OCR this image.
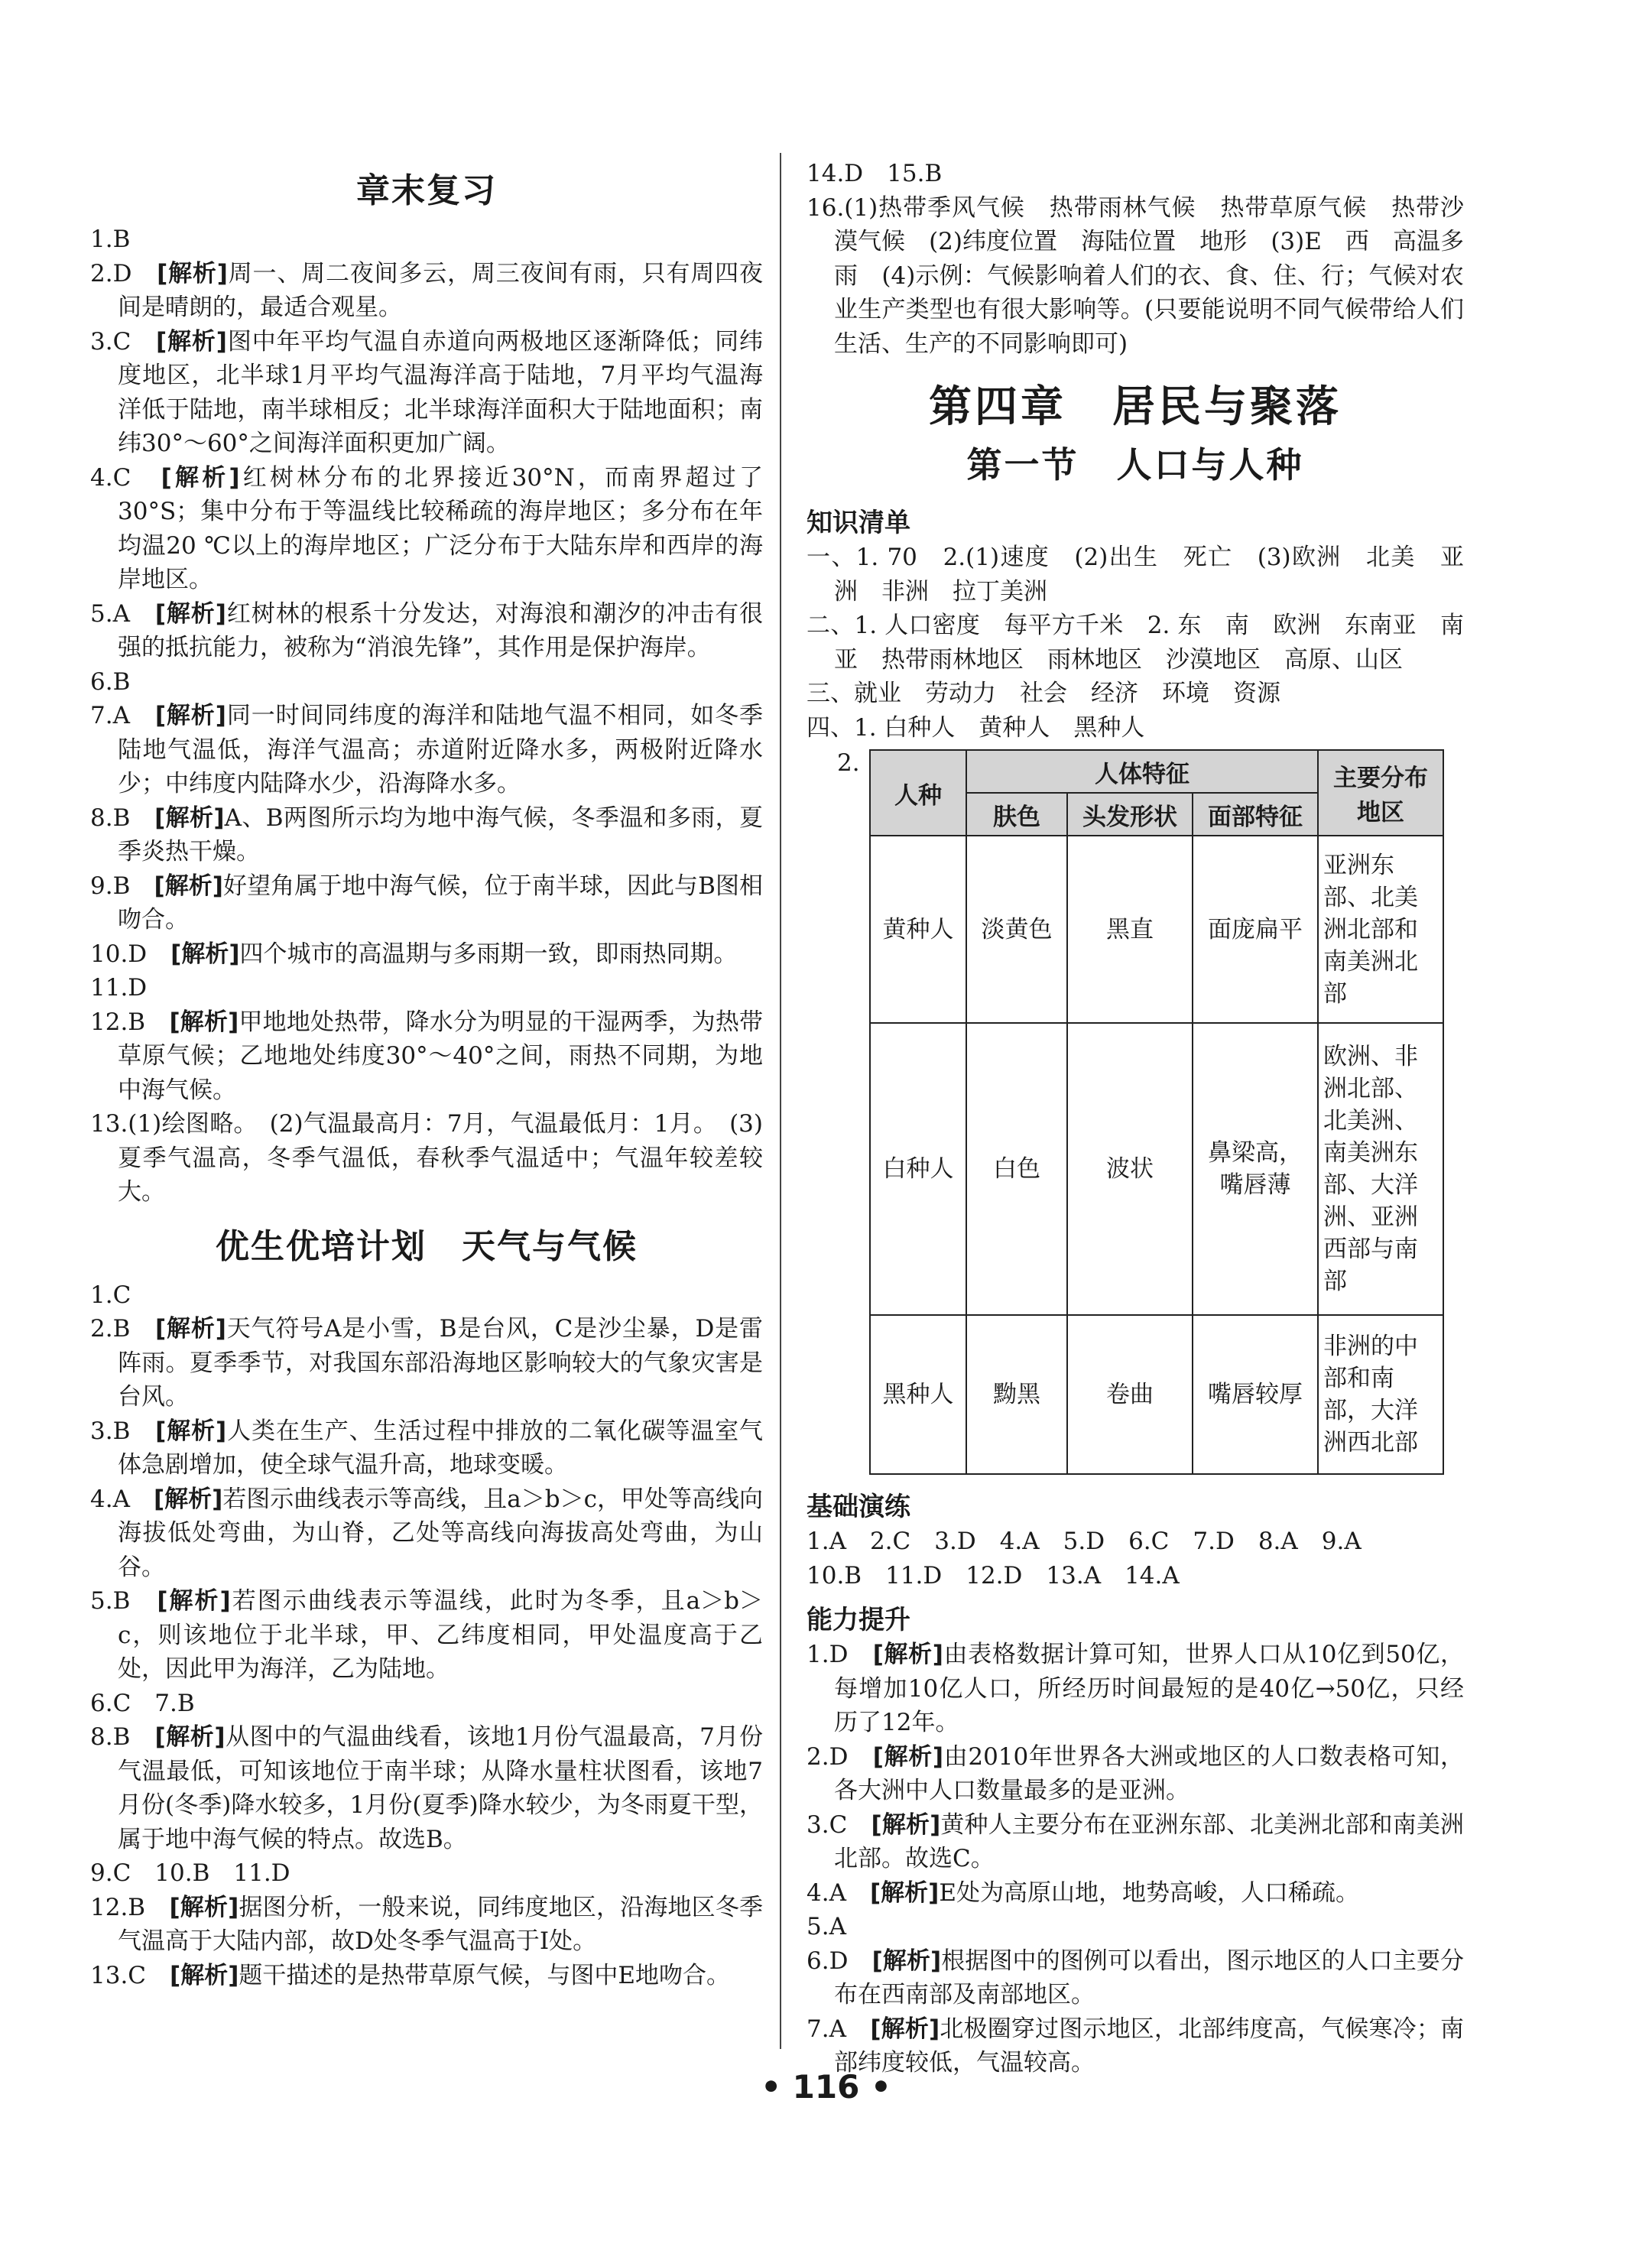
章末复习
1.B
2.D　 [解析]周一、周二夜间多云，周三夜间有雨，只有周四夜间是晴朗的，最适合观星。
3.C　 [解析]图中年平均气温自赤道向两极地区逐渐降低；同纬度地区，北半球1月平均气温海洋高于陆地，7月平均气温海洋低于陆地，南半球相反；北半球海洋面积大于陆地面积；南纬30°～60°之间海洋面积更加广阔。
4.C　 [解析]红树林分布的北界接近30°N，而南界超过了30°S；集中分布于等温线比较稀疏的海岸地区；多分布在年均温20 ℃以上的海岸地区；广泛分布于大陆东岸和西岸的海岸地区。
5.A　 [解析]红树林的根系十分发达，对海浪和潮汐的冲击有很强的抵抗能力，被称为“消浪先锋”，其作用是保护海岸。
6.B
7.A　 [解析]同一时间同纬度的海洋和陆地气温不相同，如冬季陆地气温低，海洋气温高；赤道附近降水多，两极附近降水少；中纬度内陆降水少，沿海降水多。
8.B　 [解析]A、B两图所示均为地中海气候，冬季温和多雨，夏季炎热干燥。
9.B　 [解析]好望角属于地中海气候，位于南半球，因此与B图相吻合。
10.D　 [解析]四个城市的高温期与多雨期一致，即雨热同期。
11.D
12.B　 [解析]甲地地处热带，降水分为明显的干湿两季，为热带草原气候；乙地地处纬度30°～40°之间，雨热不同期，为地中海气候。
13.(1)绘图略。　(2)气温最高月：7月，气温最低月：1月。　(3)夏季气温高，冬季气温低，春秋季气温适中；气温年较差较大。
优生优培计划　天气与气候
1.C
2.B　 [解析]天气符号A是小雪，B是台风，C是沙尘暴，D是雷阵雨。夏季季节，对我国东部沿海地区影响较大的气象灾害是台风。
3.B　 [解析]人类在生产、生活过程中排放的二氧化碳等温室气体急剧增加，使全球气温升高，地球变暖。
4.A　 [解析]若图示曲线表示等高线，且a＞b＞c，甲处等高线向海拔低处弯曲，为山脊，乙处等高线向海拔高处弯曲，为山谷。
5.B　 [解析]若图示曲线表示等温线，此时为冬季，且a＞b＞c，则该地位于北半球，甲、乙纬度相同，甲处温度高于乙处，因此甲为海洋，乙为陆地。
6.C　7.B
8.B　 [解析]从图中的气温曲线看，该地1月份气温最高，7月份气温最低，可知该地位于南半球；从降水量柱状图看，该地7月份(冬季)降水较多，1月份(夏季)降水较少，为冬雨夏干型，属于地中海气候的特点。故选B。
9.C　10.B　11.D
12.B　 [解析]据图分析，一般来说，同纬度地区，沿海地区冬季气温高于大陆内部，故D处冬季气温高于I处。
13.C　 [解析]题干描述的是热带草原气候，与图中E地吻合。
14.D　15.B
16.(1)热带季风气候　热带雨林气候　热带草原气候　热带沙漠气候　(2)纬度位置　海陆位置　地形　(3)E　西　高温多雨　(4)示例：气候影响着人们的衣、食、住、行；气候对农业生产类型也有很大影响等。(只要能说明不同气候带给人们生活、生产的不同影响即可)
第四章　居民与聚落
第一节　人口与人种
知识清单
一、1. 70　2.(1)速度　(2)出生　死亡　(3)欧洲　北美　亚洲　非洲　拉丁美洲
二、1. 人口密度　每平方千米　2. 东　南　欧洲　东南亚　南亚　热带雨林地区　雨林地区　沙漠地区　高原、山区
三、就业　劳动力　社会　经济　环境　资源
四、1. 白种人　黄种人　黑种人
2.
人种	人体特征			主要分布地区
	肤色	头发形状	面部特征	
黄种人	淡黄色	黑直	面庞扁平	亚洲东部、北美洲北部和南美洲北部
白种人	白色	波状	鼻梁高，嘴唇薄	欧洲、非洲北部、北美洲、南美洲东部、大洋洲、亚洲西部与南部
黑种人	黝黑	卷曲	嘴唇较厚	非洲的中部和南部，大洋洲西北部
基础演练
1.A　2.C　3.D　4.A　5.D　6.C　7.D　8.A　9.A
10.B　11.D　12.D　13.A　14.A
能力提升
1.D　 [解析]由表格数据计算可知，世界人口从10亿到50亿，每增加10亿人口，所经历时间最短的是40亿→50亿，只经历了12年。
2.D　 [解析]由2010年世界各大洲或地区的人口数表格可知，各大洲中人口数量最多的是亚洲。
3.C　 [解析]黄种人主要分布在亚洲东部、北美洲北部和南美洲北部。故选C。
4.A　 [解析]E处为高原山地，地势高峻，人口稀疏。
5.A
6.D　 [解析]根据图中的图例可以看出，图示地区的人口主要分布在西南部及南部地区。
7.A　 [解析]北极圈穿过图示地区，北部纬度高，气候寒冷；南部纬度较低，气温较高。
• 116 •
